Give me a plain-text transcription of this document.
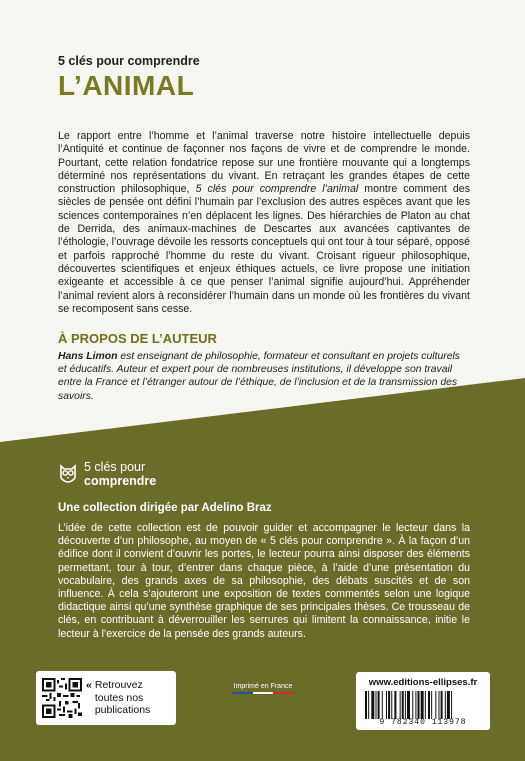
5 clés pour comprendre

L’ANIMAL

Le rapport entre l’homme et l’animal traverse notre histoire intellectuelle depuis l’Antiquité et continue de façonner nos façons de vivre et de comprendre le monde. Pourtant, cette relation fondatrice repose sur une frontière mouvante qui a longtemps déterminé nos représentations du vivant. En retraçant les grandes étapes de cette construction philosophique, 5 clés pour comprendre l’animal montre comment des siècles de pensée ont défini l’humain par l’exclusion des autres espèces avant que les sciences contemporaines n’en déplacent les lignes. Des hiérarchies de Platon au chat de Derrida, des animaux-machines de Descartes aux avancées captivantes de l’éthologie, l’ouvrage dévoile les ressorts conceptuels qui ont tour à tour séparé, opposé et parfois rapproché l’homme du reste du vivant. Croisant rigueur philosophique, découvertes scientifiques et enjeux éthiques actuels, ce livre propose une initiation exigeante et accessible à ce que penser l’animal signifie aujourd’hui. Appréhender l’animal revient alors à reconsidérer l’humain dans un monde où les frontières du vivant se recomposent sans cesse.

À PROPOS DE L’AUTEUR

Hans Limon est enseignant de philosophie, formateur et consultant en projets culturels et éducatifs. Auteur et expert pour de nombreuses institutions, il développe son travail entre la France et l’étranger autour de l’éthique, de l’inclusion et de la transmission des savoirs.

5 clés pour
comprendre

Une collection dirigée par Adelino Braz

L’idée de cette collection est de pouvoir guider et accompagner le lecteur dans la découverte d’un philosophe, au moyen de « 5 clés pour comprendre ». À la façon d’un édifice dont il convient d’ouvrir les portes, le lecteur pourra ainsi disposer des éléments permettant, tour à tour, d’entrer dans chaque pièce, à l’aide d’une présentation du vocabulaire, des grands axes de sa philosophie, des débats suscités et de son influence. À cela s’ajouteront une exposition de textes commentés selon une logique didactique ainsi qu’une synthèse graphique de ses principales thèses. Ce trousseau de clés, en contribuant à déverrouiller les serrures qui limitent la connaissance, initie le lecteur à l’exercice de la pensée des grands auteurs.

« Retrouvez toutes nos publications
Imprimé en France	www.editions-ellipses.fr
9 782340 113978
